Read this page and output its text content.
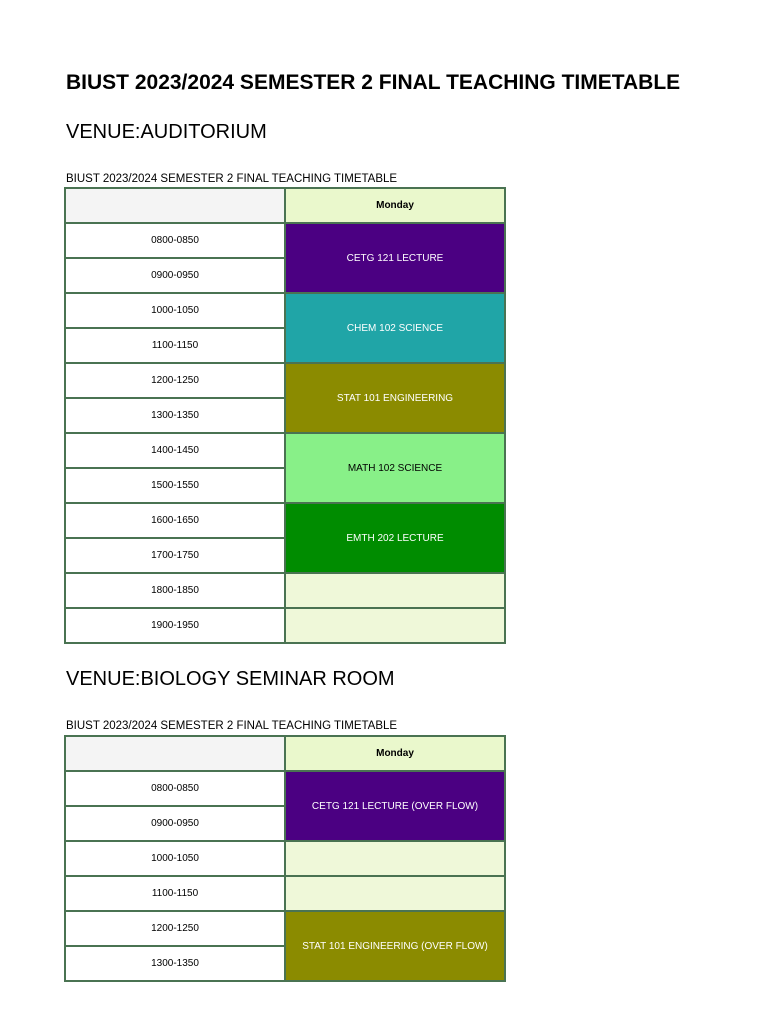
BIUST 2023/2024 SEMESTER 2 FINAL TEACHING TIMETABLE
VENUE:AUDITORIUM
BIUST 2023/2024 SEMESTER 2 FINAL TEACHING TIMETABLE
	Monday
0800-0850	CETG 121 LECTURE
0900-0950	
1000-1050	CHEM 102 SCIENCE
1100-1150	
1200-1250	STAT 101 ENGINEERING
1300-1350	
1400-1450	MATH 102 SCIENCE
1500-1550	
1600-1650	EMTH 202 LECTURE
1700-1750	
1800-1850	
1900-1950	
VENUE:BIOLOGY SEMINAR ROOM
BIUST 2023/2024 SEMESTER 2 FINAL TEACHING TIMETABLE
	Monday
0800-0850	CETG 121 LECTURE (OVER FLOW)
0900-0950	
1000-1050	
1100-1150	
1200-1250	STAT 101 ENGINEERING (OVER FLOW)
1300-1350	
